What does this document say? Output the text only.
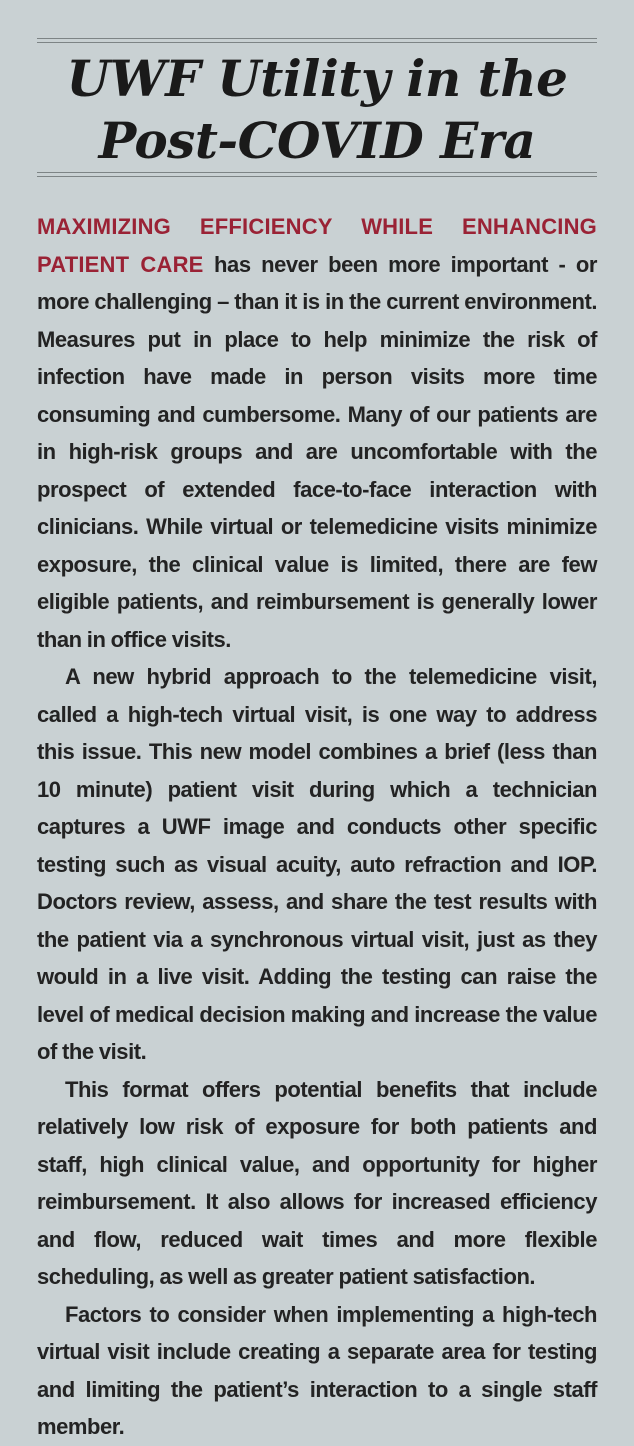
UWF Utility in the
Post-COVID Era

MAXIMIZING EFFICIENCY WHILE ENHANCING PATIENT CARE has never been more important - or more challenging – than it is in the current environment. Measures put in place to help minimize the risk of infection have made in person visits more time consuming and cumbersome. Many of our patients are in high-risk groups and are uncomfortable with the prospect of extended face-to-face interaction with clinicians. While virtual or telemedicine visits minimize exposure, the clinical value is limited, there are few eligible patients, and reimbursement is generally lower than in office visits.

A new hybrid approach to the telemedicine visit, called a high-tech virtual visit, is one way to address this issue. This new model combines a brief (less than 10 minute) patient visit during which a technician captures a UWF image and conducts other specific testing such as visual acuity, auto refraction and IOP. Doctors review, assess, and share the test results with the patient via a synchronous virtual visit, just as they would in a live visit. Adding the testing can raise the level of medical decision making and increase the value of the visit.

This format offers potential benefits that include relatively low risk of exposure for both patients and staff, high clinical value, and opportunity for higher reimbursement. It also allows for increased efficiency and flow, reduced wait times and more flexible scheduling, as well as greater patient satisfaction.

Factors to consider when implementing a high-tech virtual visit include creating a separate area for testing and limiting the patient’s interaction to a single staff member.
